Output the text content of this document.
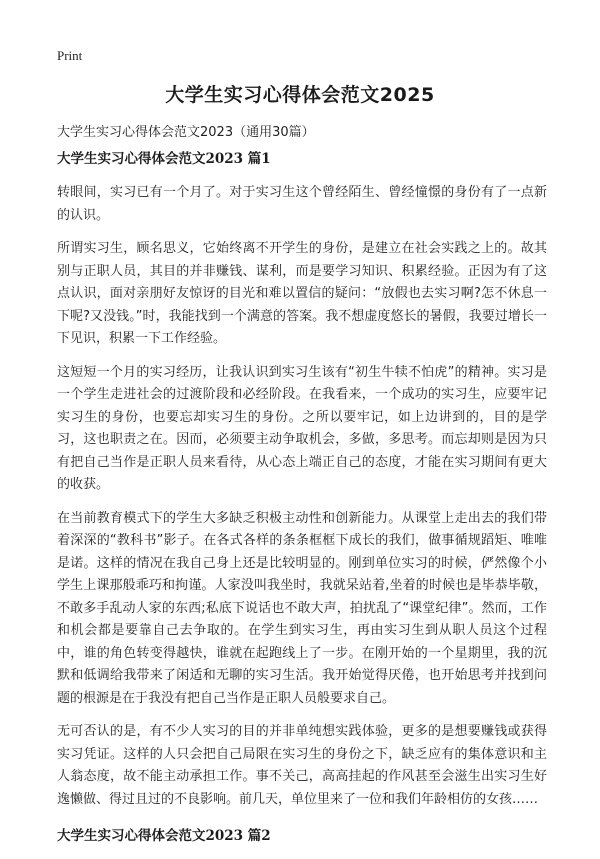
Print
大学生实习心得体会范文2025
大学生实习心得体会范文2023（通用30篇）
大学生实习心得体会范文2023 篇1

转眼间，实习已有一个月了。对于实习生这个曾经陌生、曾经憧憬的身份有了一点新的认识。

所谓实习生，顾名思义，它始终离不开学生的身份，是建立在社会实践之上的。故其别与正职人员，其目的并非赚钱、谋利，而是要学习知识、积累经验。正因为有了这点认识，面对亲朋好友惊讶的目光和难以置信的疑问：“放假也去实习啊?怎不休息一下呢?又没钱。”时，我能找到一个满意的答案。我不想虚度悠长的暑假，我要过增长一下见识，积累一下工作经验。

这短短一个月的实习经历，让我认识到实习生该有“初生牛犊不怕虎”的精神。实习是一个学生走进社会的过渡阶段和必经阶段。在我看来，一个成功的实习生，应要牢记实习生的身份，也要忘却实习生的身份。之所以要牢记，如上边讲到的，目的是学习，这也职责之在。因而，必须要主动争取机会，多做，多思考。而忘却则是因为只有把自己当作是正职人员来看待，从心态上端正自己的态度，才能在实习期间有更大的收获。

在当前教育模式下的学生大多缺乏积极主动性和创新能力。从课堂上走出去的我们带着深深的“教科书”影子。在各式各样的条条框框下成长的我们，做事循规蹈矩、唯唯是诺。这样的情况在我自己身上还是比较明显的。刚到单位实习的时候，俨然像个小学生上课那般乖巧和拘谨。人家没叫我坐时，我就呆站着,坐着的时候也是毕恭毕敬，不敢多手乱动人家的东西;私底下说话也不敢大声，拍扰乱了“课堂纪律”。然而，工作和机会都是要靠自己去争取的。在学生到实习生，再由实习生到从职人员这个过程中，谁的角色转变得越快，谁就在起跑线上了一步。在刚开始的一个星期里，我的沉默和低调给我带来了闲适和无聊的实习生活。我开始觉得厌倦，也开始思考并找到问题的根源是在于我没有把自己当作是正职人员般要求自己。

无可否认的是，有不少人实习的目的并非单纯想实践体验，更多的是想要赚钱或获得实习凭证。这样的人只会把自己局限在实习生的身份之下，缺乏应有的集体意识和主人翁态度，故不能主动承担工作。事不关己，高高挂起的作风甚至会滋生出实习生好逸懒做、得过且过的不良影响。前几天，单位里来了一位和我们年龄相仿的女孩……

大学生实习心得体会范文2023 篇2
